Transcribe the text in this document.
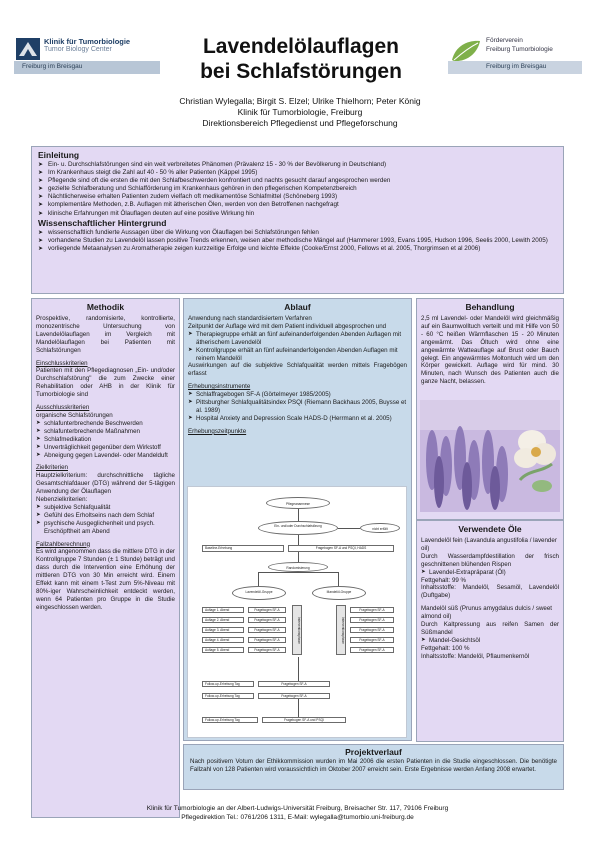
Klinik für Tumorbiologie
Tumor Biology Center
Freiburg im Breisgau
Lavendelölauflagen
bei Schlafstörungen
Förderverein
Freiburg Tumorbiologie
Freiburg im Breisgau
Christian Wylegalla; Birgit S. Elzel; Ulrike Thielhorn; Peter König
Klinik für Tumorbiologie, Freiburg
Direktionsbereich Pflegedienst und Pflegeforschung
Einleitung
➤ Ein- u. Durchschlafstörungen sind ein weit verbreitetes Phänomen (Prävalenz 15 - 30 % der Bevölkerung in Deutschland)
➤ Im Krankenhaus steigt die Zahl auf 40 - 50 % aller Patienten (Käppel 1995)
➤ Pflegende sind oft die ersten die mit den Schlafbeschwerden konfrontiert und nachts gesucht darauf angesprochen werden
➤ gezielte Schlafberatung und Schlafförderung im Krankenhaus gehören in den pflegerischen Kompetenzbereich
➤ Nächtlicherweise erhalten Patienten zudem vielfach oft medikamentöse Schlafmittel (Schöneberg 1993)
➤ komplementäre Methoden, z.B. Auflagen mit ätherischen Ölen, werden von den Betroffenen nachgefragt
➤ klinische Erfahrungen mit Ölauflagen deuten auf eine positive Wirkung hin
Wissenschaftlicher Hintergrund
➤ wissenschaftlich fundierte Aussagen über die Wirkung von Ölauflagen bei Schlafstörungen fehlen
➤ vorhandene Studien zu Lavendelöl lassen positive Trends erkennen, weisen aber methodische Mängel auf (Hammerer 1993, Evans 1995, Hudson 1996, Seelis 2000, Lewith 2005)
➤ vorliegende Metaanalysen zu Aromatherapie zeigen kurzzeitige Erfolge und leichte Effekte (Cooke/Ernst 2000, Fellows et al. 2005, Thorgrimsen et al 2006)
Methodik
Prospektive, randomisierte, kontrollierte, monozentrische Untersuchung von Lavendelölauflagen im Vergleich mit Mandelölauflagen bei Patienten mit Schlafstörungen
Einschlusskriterien
Patienten mit den Pflegediagnosen „Ein- und/oder Durchschlafstörung" die zum Zwecke einer Rehabilitation oder AHB in der Klinik für Tumorbiologie sind
Ausschlusskriterien
organische Schlafstörungen
➤ schlafunterbrechende Beschwerden
➤ schlafunterbrechende Maßnahmen
➤ Schlafmedikation
➤ Unverträglichkeit gegenüber dem Wirkstoff
➤ Abneigung gegen Lavendel- oder Mandelduft
Zielkriterien
Hauptzielkriterium: durchschnittliche tägliche Gesamtschlafdauer (DTG) während der 5-tägigen Anwendung der Ölauflagen
Nebenzielkriterien:
➤ subjektive Schlafqualität
➤ Gefühl des Erholtseins nach dem Schlaf
➤ psychische Ausgeglichenheit und psych. Erschöpftheit am Abend
Fallzahlberechnung
Es wird angenommen dass die mittlere DTG in der Kontrollgruppe 7 Stunden (± 1 Stunde) beträgt und dass durch die Intervention eine Erhöhung der mittleren DTG von 30 Min erreicht wird. Einem Effekt kann mit einem t-Test zum 5%-Niveau mit 80%-iger Wahrscheinlichkeit entdeckt werden, wenn 64 Patienten pro Gruppe in die Studie eingeschlossen werden.
Ablauf
Anwendung nach standardisiertem Verfahren
Zeitpunkt der Auflage wird mit dem Patient individuell abgesprochen und
➤ Therapiegruppe erhält an fünf aufeinanderfolgenden Abenden Auflagen mit ätherischem Lavendelöl
➤ Kontrollgruppe erhält an fünf aufeinanderfolgenden Abenden Auflagen mit reinem Mandelöl
Auswirkungen auf die subjektive Schlafqualität werden mittels Fragebögen erfasst
Erhebungsinstrumente
➤ Schlaffragebogen SF-A (Görtelmeyer 1985/2005)
➤ Pittsburgher Schlafqualitätsindex PSQI (Riemann Backhaus 2005, Buysse et al. 1989)
➤ Hospital Anxiety and Depression Scale HADS-D (Herrmann et al. 2005)
Erhebungszeitpunkte
Pflegeanamnese
Ein- und/oder Durchschlafstörung
nicht erfüllt
Baseline-Erhebung	Fragebogen SF-A und PSQI, HADS
Randomisierung
Lavendelöl-Gruppe	Mandelöl-Gruppe
Auflage 1. Abend
Auflage 2. Abend
Auflage 3. Abend
Auflage 4. Abend
Auflage 5. Abend
Fragebogen SF-A
Fragebogen SF-A
Fragebogen SF-A
Fragebogen SF-A
Fragebogen SF-A
Interventionsphase	Interventionsphase
Fragebogen SF-A
Fragebogen SF-A
Fragebogen SF-A
Fragebogen SF-A
Fragebogen SF-A
Follow-up-Erhebung Tag	Fragebogen SF-A
Follow-up-Erhebung Tag	Fragebogen SF-A
Follow-up-Erhebung Tag	Fragebogen SF-A und PSQI
Behandlung
2,5 ml Lavendel- oder Mandelöl wird gleichmäßig auf ein Baumwolltuch verteilt und mit Hilfe von 50 - 60 °C heißen Wärmflaschen 15 - 20 Minuten angewärmt. Das Öltuch wird ohne eine angewärmte Watteauflage auf Brust oder Bauch gelegt. Ein angewärmtes Moltontuch wird um den Körper gewickelt. Auflage wird für mind. 30 Minuten, nach Wunsch des Patienten auch die ganze Nacht, belassen.
Verwendete Öle
Lavendelöl fein (Lavandula angustifolia / lavender oil)
Durch Wasserdampfdestillation der frisch geschnittenen blühenden Rispen
➤ Lavendel-Extrapräparat (Öl)
Fettgehalt: 99 %
Inhaltsstoffe: Mandelöl, Sesamöl, Lavendelöl (Duftgabe)
Mandelöl süß (Prunus amygdalus dulcis / sweet almond oil)
Durch Kaltpressung aus reifen Samen der Süßmandel
➤ Mandel-Gesichtsöl
Fettgehalt: 100 %
Inhaltsstoffe: Mandelöl, Pflaumenkernöl
Projektverlauf
Nach positivem Votum der Ethikkommission wurden im Mai 2006 die ersten Patienten in die Studie eingeschlossen. Die benötigte Fallzahl von 128 Patienten wird voraussichtlich im Oktober 2007 erreicht sein. Erste Ergebnisse werden Anfang 2008 erwartet.
Klinik für Tumorbiologie an der Albert-Ludwigs-Universität Freiburg, Breisacher Str. 117, 79106 Freiburg
Pflegedirektion Tel.: 0761/206 1311, E-Mail: wylegalla@tumorbio.uni-freiburg.de
